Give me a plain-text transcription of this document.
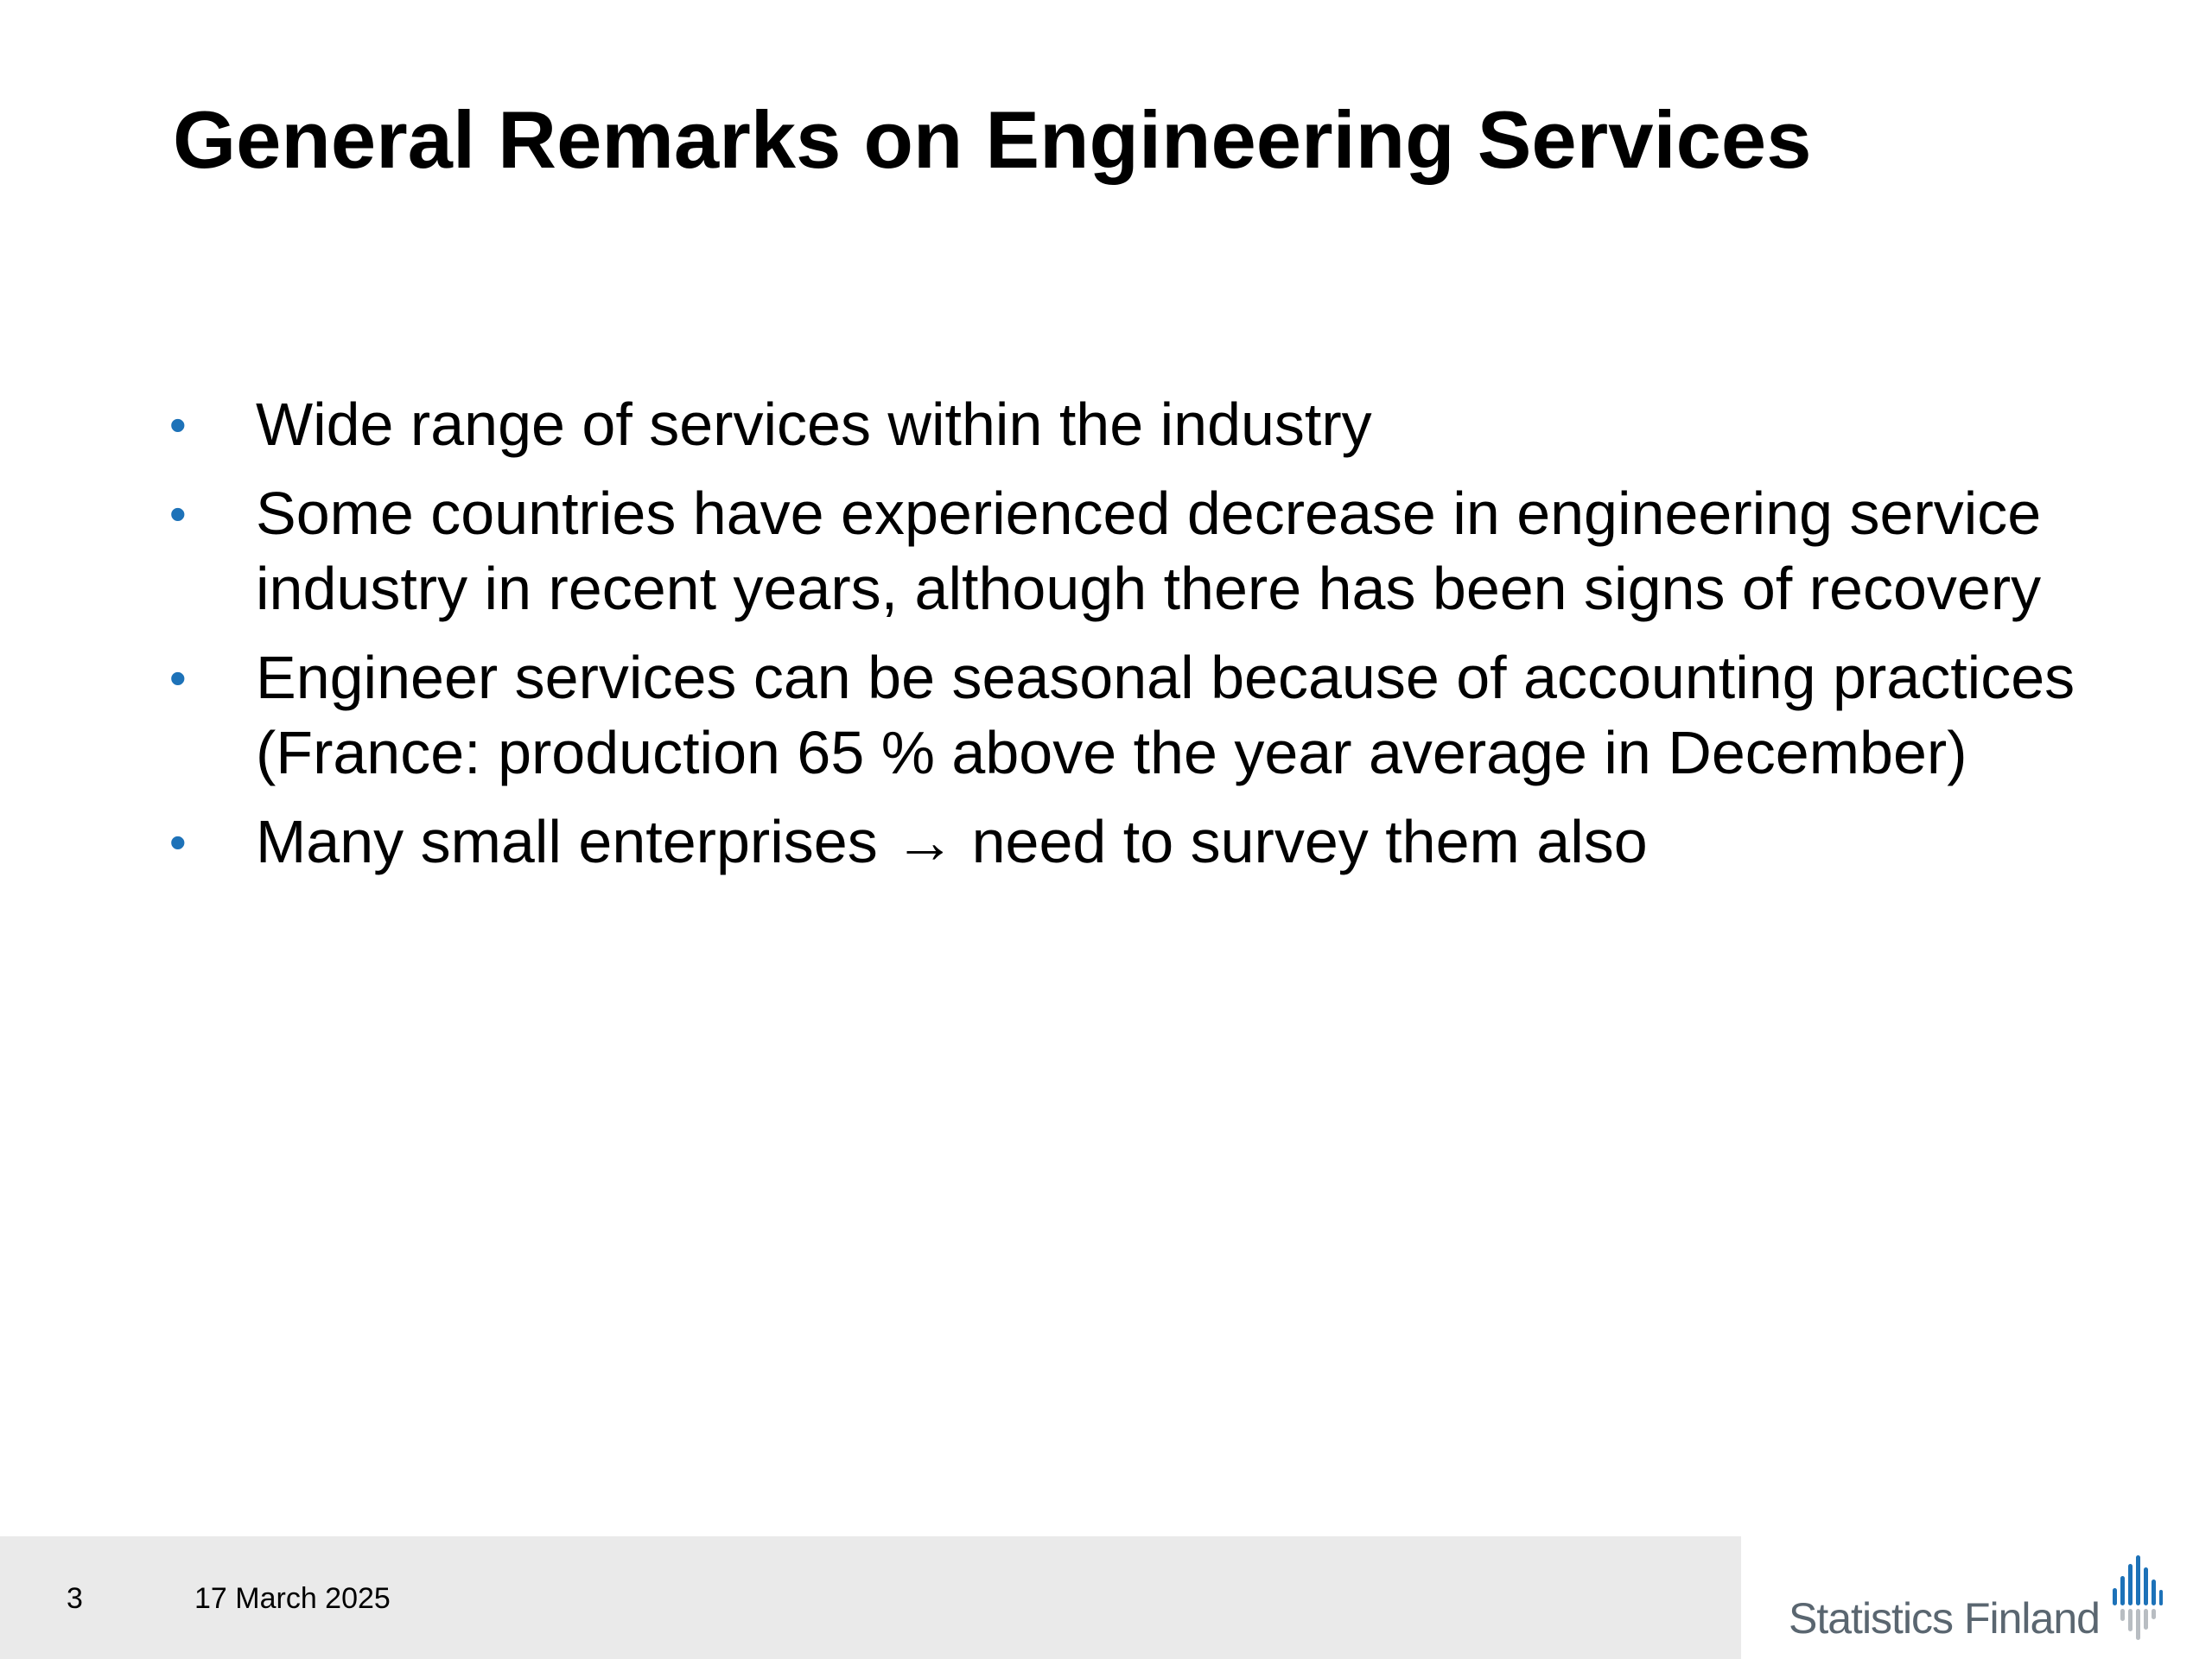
General Remarks on Engineering Services
• Wide range of services within the industry
• Some countries have experienced decrease in engineering service industry in recent years, although there has been signs of recovery
• Engineer services can be seasonal because of accounting practices (France: production 65 % above the year average in December)
• Many small enterprises → need to survey them also
3	17 March 2025	Statistics Finland
